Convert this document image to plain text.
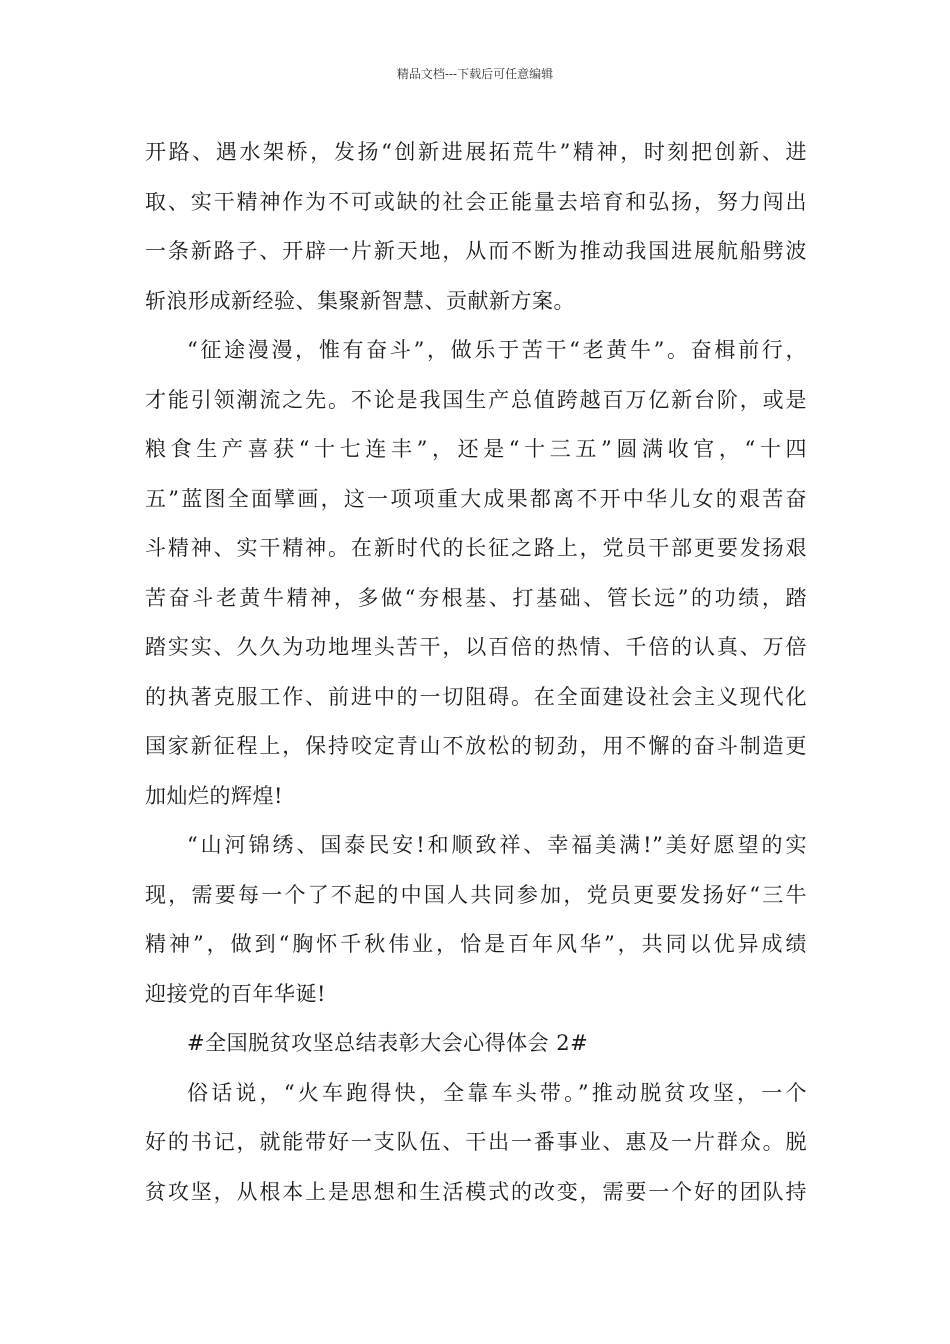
精品文档---下载后可任意编辑
开路、遇水架桥，发扬“创新进展拓荒牛”精神，时刻把创新、进
取、实干精神作为不可或缺的社会正能量去培育和弘扬，努力闯出
一条新路子、开辟一片新天地，从而不断为推动我国进展航船劈波
斩浪形成新经验、集聚新智慧、贡献新方案。
“征途漫漫，惟有奋斗”，做乐于苦干“老黄牛”。奋楫前行，
才能引领潮流之先。不论是我国生产总值跨越百万亿新台阶，或是
粮食生产喜获“十七连丰”，还是“十三五”圆满收官，“十四
五”蓝图全面擘画，这一项项重大成果都离不开中华儿女的艰苦奋
斗精神、实干精神。在新时代的长征之路上，党员干部更要发扬艰
苦奋斗老黄牛精神，多做“夯根基、打基础、管长远”的功绩，踏
踏实实、久久为功地埋头苦干，以百倍的热情、千倍的认真、万倍
的执著克服工作、前进中的一切阻碍。在全面建设社会主义现代化
国家新征程上，保持咬定青山不放松的韧劲，用不懈的奋斗制造更
加灿烂的辉煌!
“山河锦绣、国泰民安!和顺致祥、幸福美满!”美好愿望的实
现，需要每一个了不起的中国人共同参加，党员更要发扬好“三牛
精神”，做到“胸怀千秋伟业，恰是百年风华”，共同以优异成绩
迎接党的百年华诞!
#全国脱贫攻坚总结表彰大会心得体会 2#
俗话说，“火车跑得快，全靠车头带。”推动脱贫攻坚，一个
好的书记，就能带好一支队伍、干出一番事业、惠及一片群众。脱
贫攻坚，从根本上是思想和生活模式的改变，需要一个好的团队持
